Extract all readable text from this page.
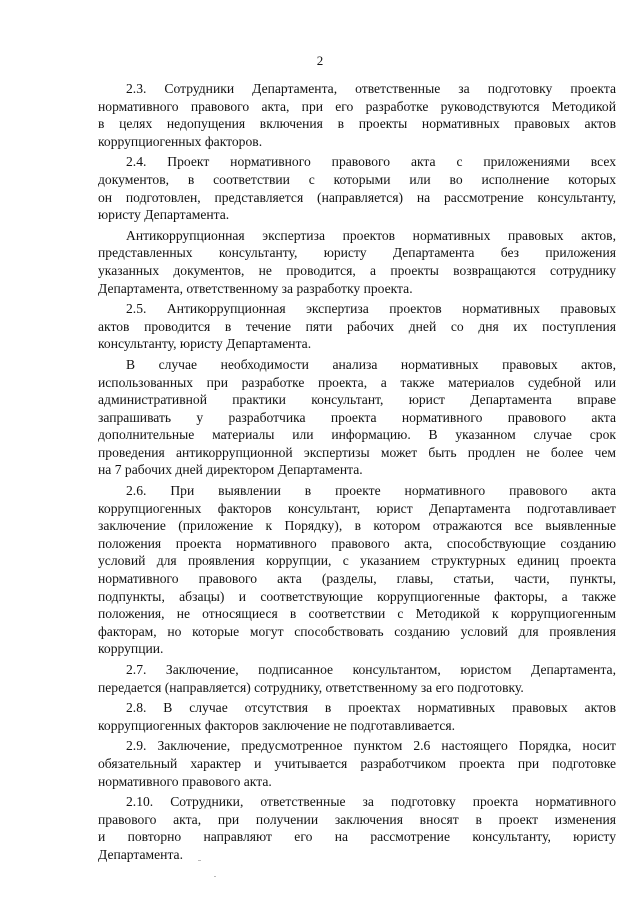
2
2.3. Сотрудники Департамента, ответственные за подготовку проекта
нормативного правового акта, при его разработке руководствуются Методикой
в целях недопущения включения в проекты нормативных правовых актов
коррупциогенных факторов.
2.4. Проект нормативного правового акта с приложениями всех
документов, в соответствии с которыми или во исполнение которых
он подготовлен, представляется (направляется) на рассмотрение консультанту,
юристу Департамента.
Антикоррупционная экспертиза проектов нормативных правовых актов,
представленных консультанту, юристу Департамента без приложения
указанных документов, не проводится, а проекты возвращаются сотруднику
Департамента, ответственному за разработку проекта.
2.5. Антикоррупционная экспертиза проектов нормативных правовых
актов проводится в течение пяти рабочих дней со дня их поступления
консультанту, юристу Департамента.
В случае необходимости анализа нормативных правовых актов,
использованных при разработке проекта, а также материалов судебной или
административной практики консультант, юрист Департамента вправе
запрашивать у разработчика проекта нормативного правового акта
дополнительные материалы или информацию. В указанном случае срок
проведения антикоррупционной экспертизы может быть продлен не более чем
на 7 рабочих дней директором Департамента.
2.6. При выявлении в проекте нормативного правового акта
коррупциогенных факторов консультант, юрист Департамента подготавливает
заключение (приложение к Порядку), в котором отражаются все выявленные
положения проекта нормативного правового акта, способствующие созданию
условий для проявления коррупции, с указанием структурных единиц проекта
нормативного правового акта (разделы, главы, статьи, части, пункты,
подпункты, абзацы) и соответствующие коррупциогенные факторы, а также
положения, не относящиеся в соответствии с Методикой к коррупциогенным
факторам, но которые могут способствовать созданию условий для проявления
коррупции.
2.7. Заключение, подписанное консультантом, юристом Департамента,
передается (направляется) сотруднику, ответственному за его подготовку.
2.8. В случае отсутствия в проектах нормативных правовых актов
коррупциогенных факторов заключение не подготавливается.
2.9. Заключение, предусмотренное пунктом 2.6 настоящего Порядка, носит
обязательный характер и учитывается разработчиком проекта при подготовке
нормативного правового акта.
2.10. Сотрудники, ответственные за подготовку проекта нормативного
правового акта, при получении заключения вносят в проект изменения
и повторно направляют его на рассмотрение консультанту, юристу
Департамента.
